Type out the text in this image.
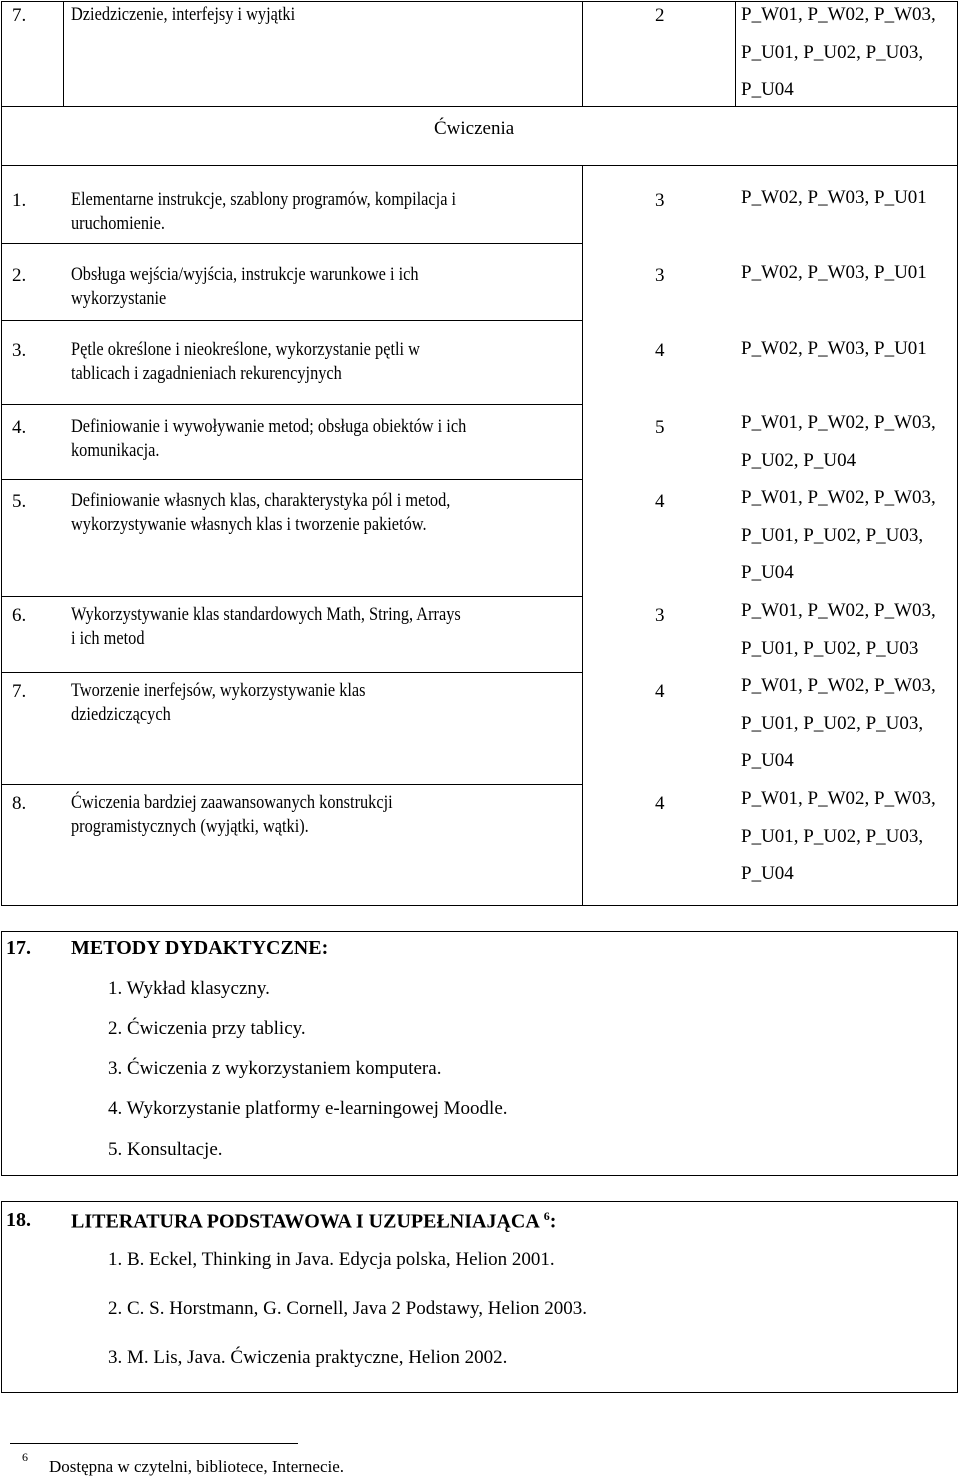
7. Dziedziczenie, interfejsy i wyjątki	2	P_W01, P_W02, P_W03,
P_U01, P_U02, P_U03,
P_U04
Ćwiczenia
1. Elementarne instrukcje, szablony programów, kompilacja i
uruchomienie.
3	P_W02, P_W03, P_U01
2. Obsługa wejścia/wyjścia, instrukcje warunkowe i ich
wykorzystanie
3	P_W02, P_W03, P_U01
3. Pętle określone i nieokreślone, wykorzystanie pętli w
tablicach i zagadnieniach rekurencyjnych
4	P_W02, P_W03, P_U01
4. Definiowanie i wywoływanie metod; obsługa obiektów i ich
komunikacja.
5	P_W01, P_W02, P_W03,
P_U02, P_U04
5. Definiowanie własnych klas, charakterystyka pól i metod,
wykorzystywanie własnych klas i tworzenie pakietów.
4	P_W01, P_W02, P_W03,
P_U01, P_U02, P_U03,
P_U04
6. Wykorzystywanie klas standardowych Math, String, Arrays
i ich metod
3	P_W01, P_W02, P_W03,
P_U01, P_U02, P_U03
7. Tworzenie inerfejsów, wykorzystywanie klas
dziedziczących
4	P_W01, P_W02, P_W03,
P_U01, P_U02, P_U03,
P_U04
8. Ćwiczenia bardziej zaawansowanych konstrukcji
programistycznych (wyjątki, wątki).
4	P_W01, P_W02, P_W03,
P_U01, P_U02, P_U03,
P_U04
17. METODY DYDAKTYCZNE:
1. Wykład klasyczny.
2. Ćwiczenia przy tablicy.
3. Ćwiczenia z wykorzystaniem komputera.
4. Wykorzystanie platformy e-learningowej Moodle.
5. Konsultacje.
18. LITERATURA PODSTAWOWA I UZUPEŁNIAJĄCA $^6$:
1. B. Eckel, Thinking in Java. Edycja polska, Helion 2001.
2. C. S. Horstmann, G. Cornell, Java 2 Podstawy, Helion 2003.
3. M. Lis, Java. Ćwiczenia praktyczne, Helion 2002.
6 Dostępna w czytelni, bibliotece, Internecie.
